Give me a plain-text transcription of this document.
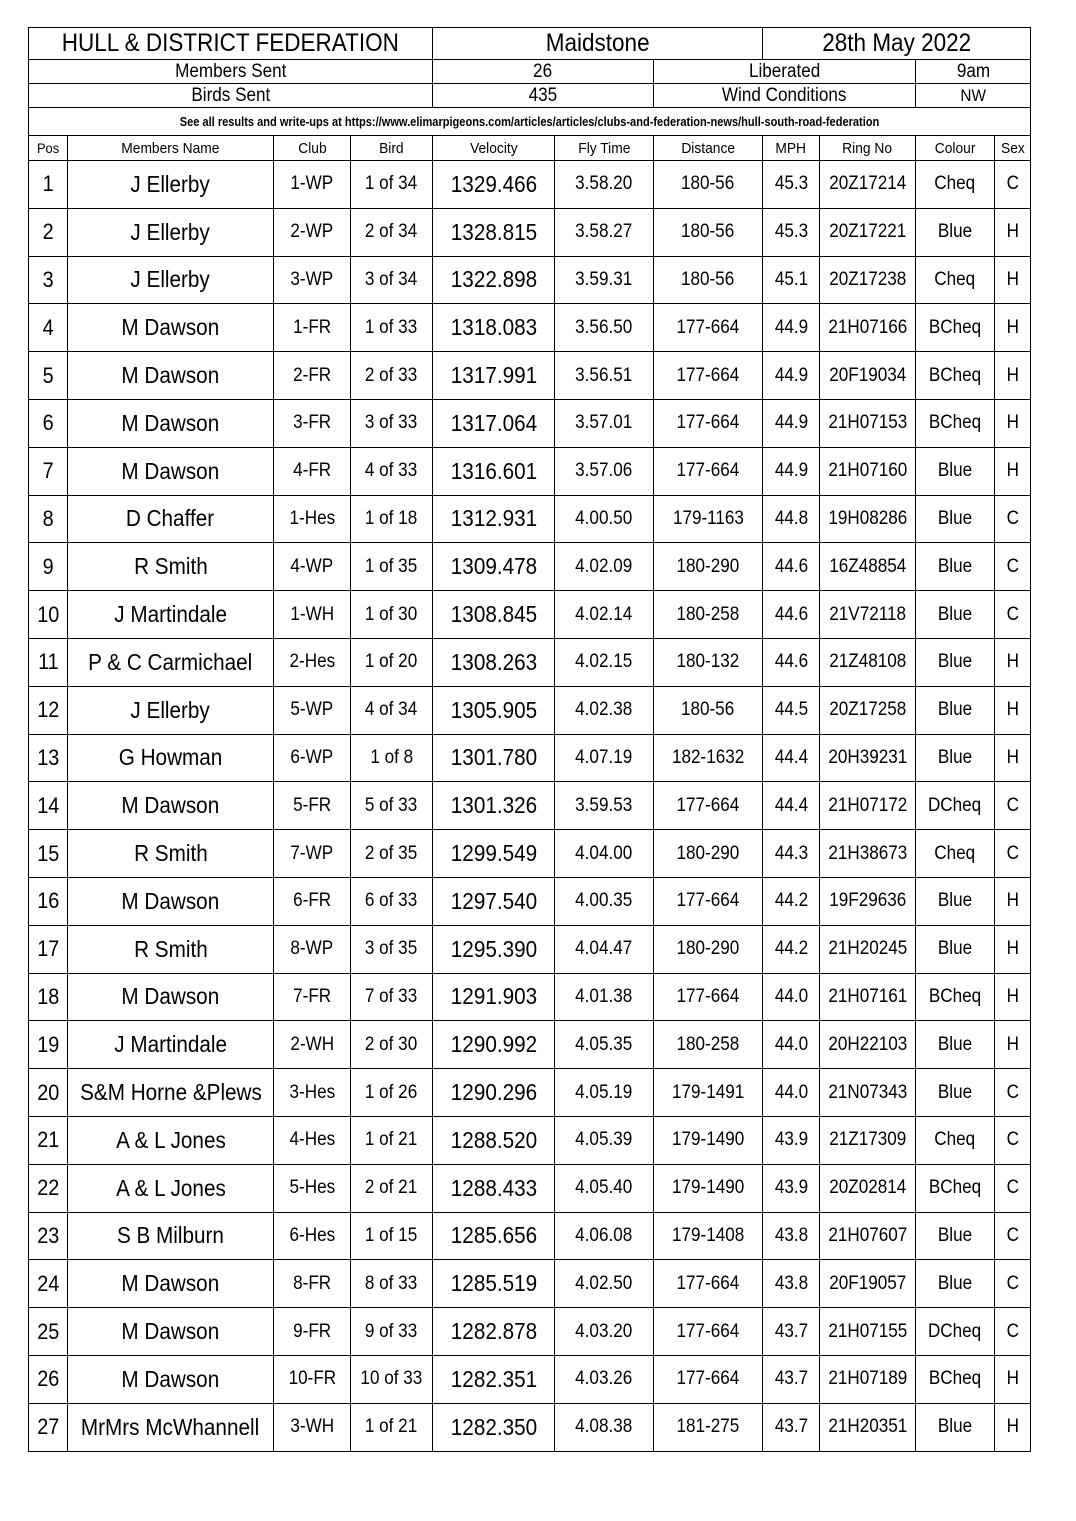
HULL & DISTRICT FEDERATION				Maidstone			28th May 2022			
Members Sent				26		Liberated			9am	
Birds Sent				435		Wind Conditions			NW	
See all results and write-ups at https://www.elimarpigeons.com/articles/articles/clubs-and-federation-news/hull-south-road-federation										
Pos	Members Name	Club	Bird	Velocity	Fly Time	Distance	MPH	Ring No	Colour	Sex
1	J Ellerby	1-WP	1 of 34	1329.466	3.58.20	180-56	45.3	20Z17214	Cheq	C
2	J Ellerby	2-WP	2 of 34	1328.815	3.58.27	180-56	45.3	20Z17221	Blue	H
3	J Ellerby	3-WP	3 of 34	1322.898	3.59.31	180-56	45.1	20Z17238	Cheq	H
4	M Dawson	1-FR	1 of 33	1318.083	3.56.50	177-664	44.9	21H07166	BCheq	H
5	M Dawson	2-FR	2 of 33	1317.991	3.56.51	177-664	44.9	20F19034	BCheq	H
6	M Dawson	3-FR	3 of 33	1317.064	3.57.01	177-664	44.9	21H07153	BCheq	H
7	M Dawson	4-FR	4 of 33	1316.601	3.57.06	177-664	44.9	21H07160	Blue	H
8	D Chaffer	1-Hes	1 of 18	1312.931	4.00.50	179-1163	44.8	19H08286	Blue	C
9	R Smith	4-WP	1 of 35	1309.478	4.02.09	180-290	44.6	16Z48854	Blue	C
10	J Martindale	1-WH	1 of 30	1308.845	4.02.14	180-258	44.6	21V72118	Blue	C
11	P & C Carmichael	2-Hes	1 of 20	1308.263	4.02.15	180-132	44.6	21Z48108	Blue	H
12	J Ellerby	5-WP	4 of 34	1305.905	4.02.38	180-56	44.5	20Z17258	Blue	H
13	G Howman	6-WP	1 of 8	1301.780	4.07.19	182-1632	44.4	20H39231	Blue	H
14	M Dawson	5-FR	5 of 33	1301.326	3.59.53	177-664	44.4	21H07172	DCheq	C
15	R Smith	7-WP	2 of 35	1299.549	4.04.00	180-290	44.3	21H38673	Cheq	C
16	M Dawson	6-FR	6 of 33	1297.540	4.00.35	177-664	44.2	19F29636	Blue	H
17	R Smith	8-WP	3 of 35	1295.390	4.04.47	180-290	44.2	21H20245	Blue	H
18	M Dawson	7-FR	7 of 33	1291.903	4.01.38	177-664	44.0	21H07161	BCheq	H
19	J Martindale	2-WH	2 of 30	1290.992	4.05.35	180-258	44.0	20H22103	Blue	H
20	S&M Horne &Plews	3-Hes	1 of 26	1290.296	4.05.19	179-1491	44.0	21N07343	Blue	C
21	A & L Jones	4-Hes	1 of 21	1288.520	4.05.39	179-1490	43.9	21Z17309	Cheq	C
22	A & L Jones	5-Hes	2 of 21	1288.433	4.05.40	179-1490	43.9	20Z02814	BCheq	C
23	S B Milburn	6-Hes	1 of 15	1285.656	4.06.08	179-1408	43.8	21H07607	Blue	C
24	M Dawson	8-FR	8 of 33	1285.519	4.02.50	177-664	43.8	20F19057	Blue	C
25	M Dawson	9-FR	9 of 33	1282.878	4.03.20	177-664	43.7	21H07155	DCheq	C
26	M Dawson	10-FR	10 of 33	1282.351	4.03.26	177-664	43.7	21H07189	BCheq	H
27	MrMrs McWhannell	3-WH	1 of 21	1282.350	4.08.38	181-275	43.7	21H20351	Blue	H
